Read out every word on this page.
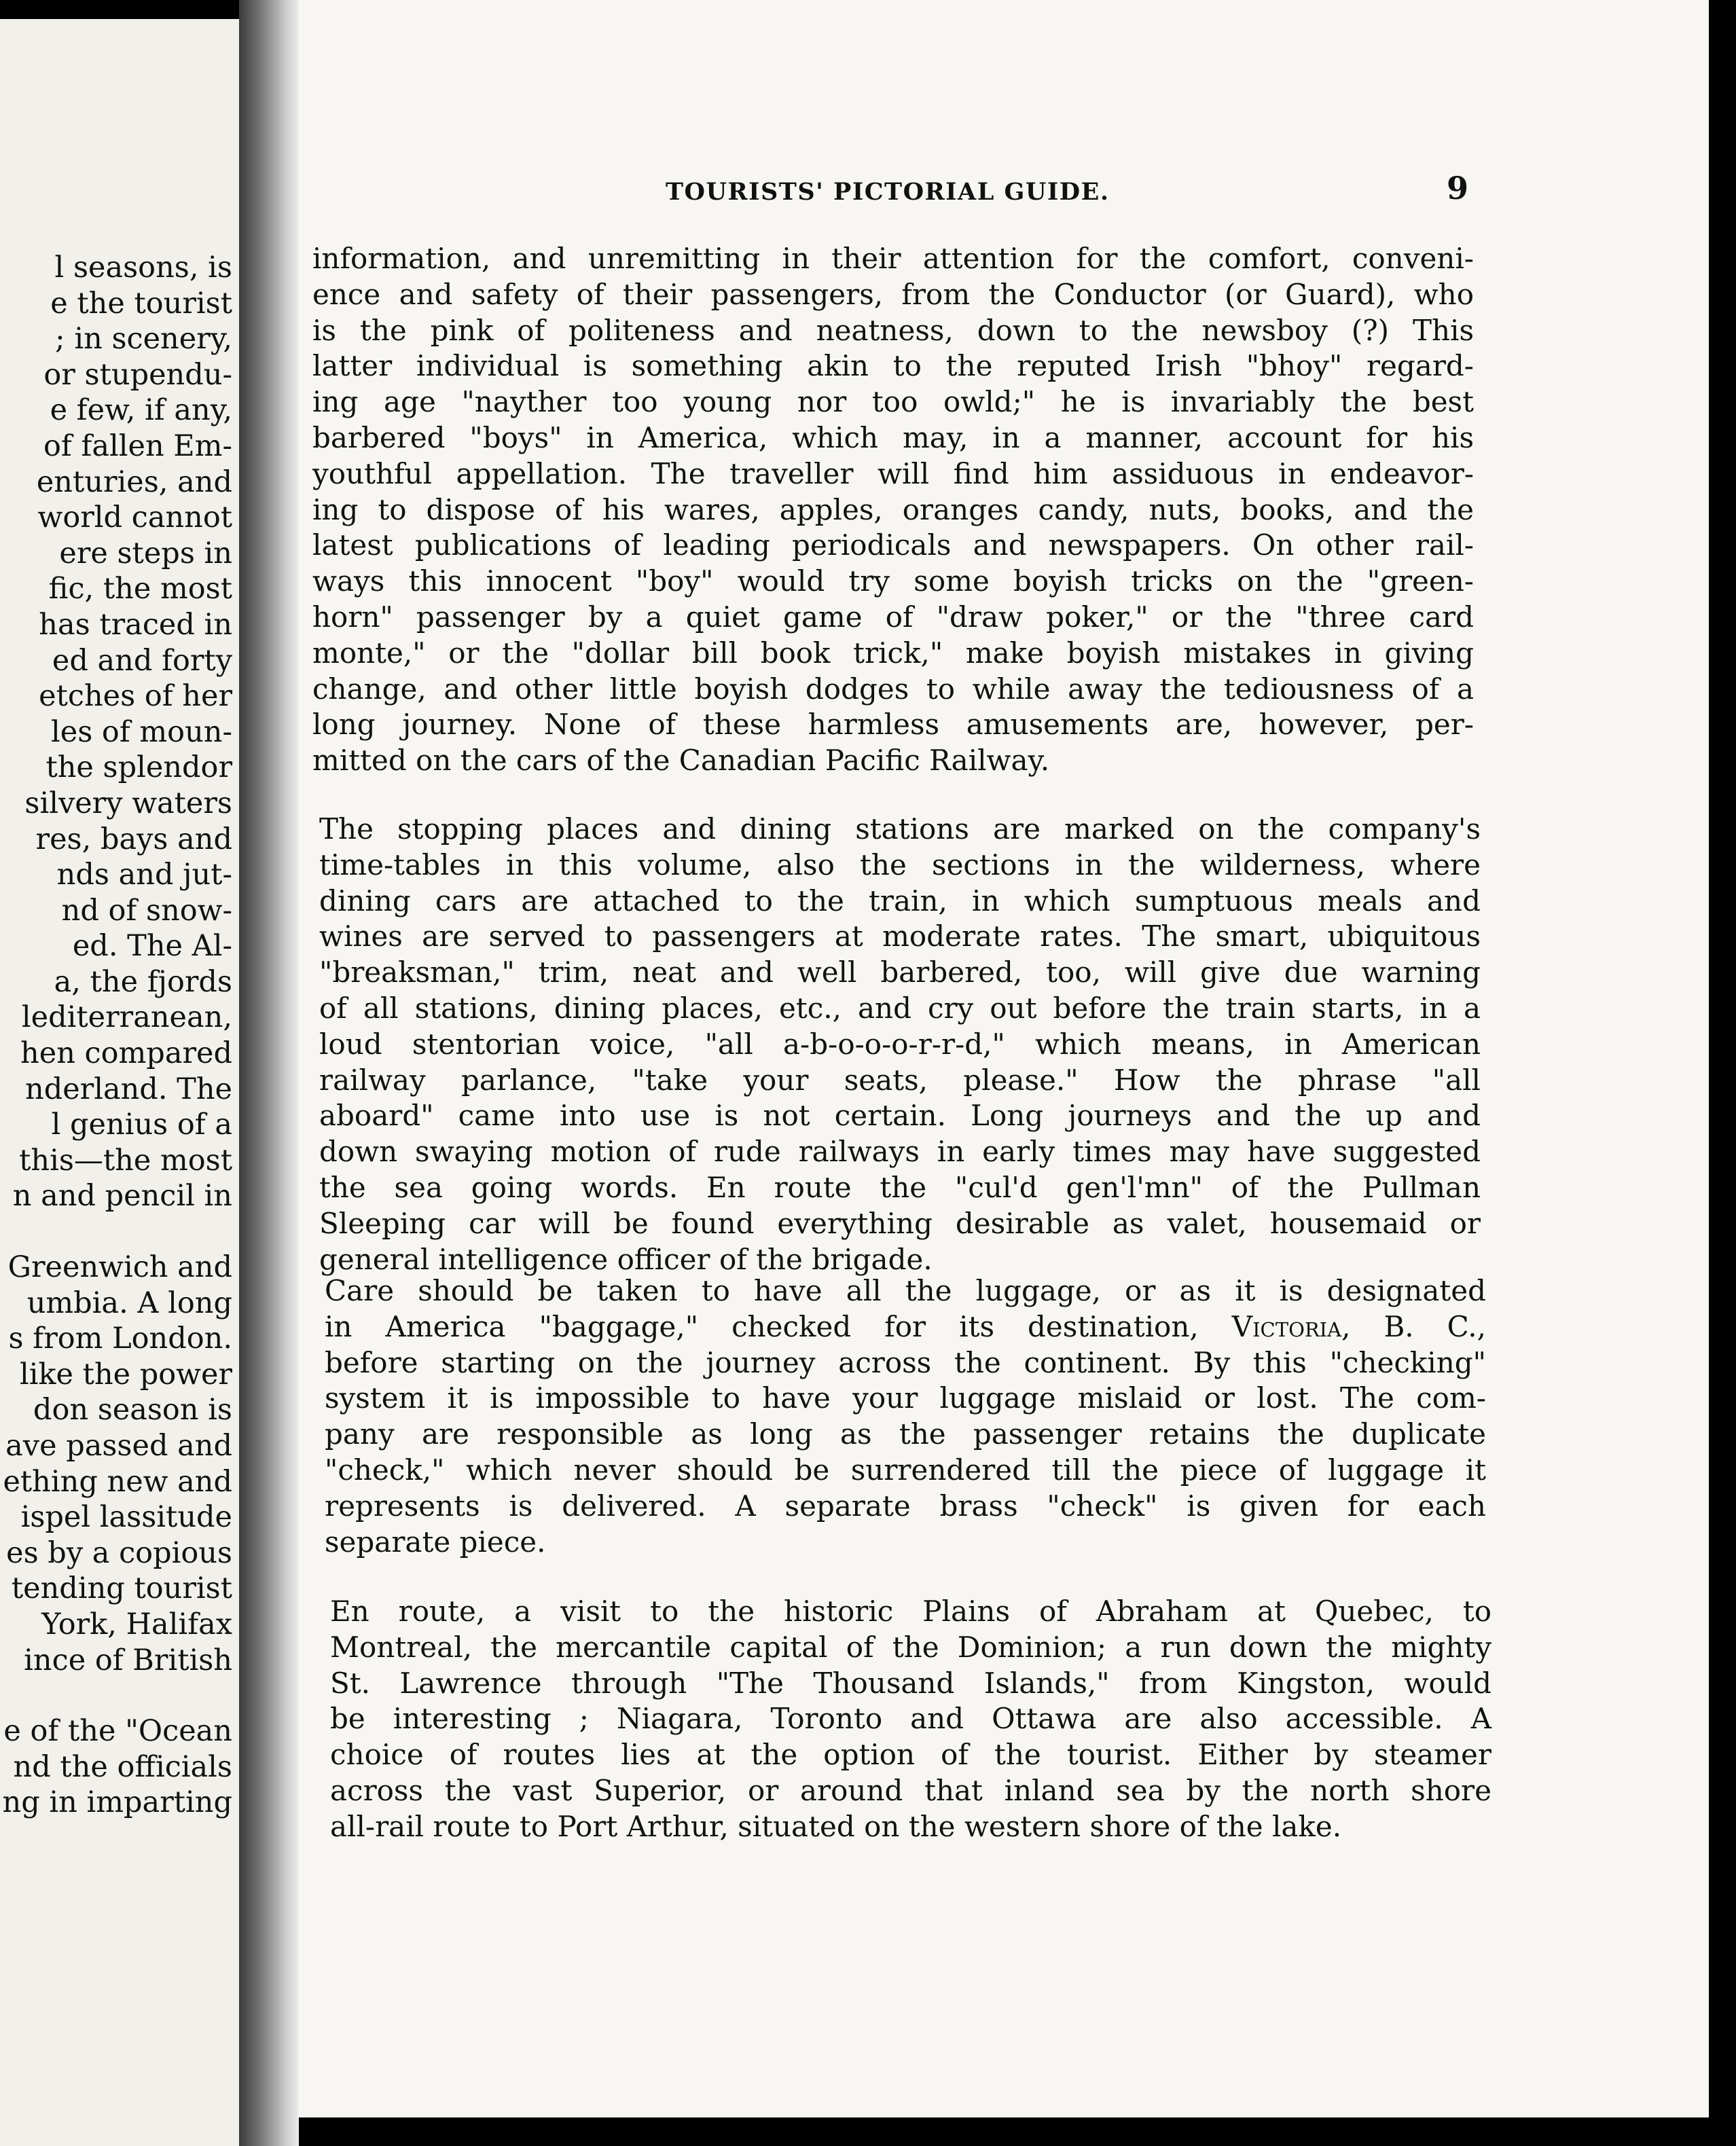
l seasons, is
e the tourist
; in scenery,
or stupendu-
e few, if any,
of fallen Em-
enturies, and
world cannot
ere steps in
fic, the most
has traced in
ed and forty
etches of her
les of moun-
the splendor
silvery waters
res, bays and
nds and jut-
nd of snow-
ed. The Al-
a, the fjords
lediterranean,
hen compared
nderland. The
l genius of a
this—the most
n and pencil in
Greenwich and
umbia. A long
s from London.
like the power
don season is
ave passed and
ething new and
ispel lassitude
es by a copious
tending tourist
York, Halifax
ince of British
e of the "Ocean
nd the officials
ng in imparting
TOURISTS' PICTORIAL GUIDE.	9

information, and unremitting in their attention for the comfort, conveni-
ence and safety of their passengers, from the Conductor (or Guard), who
is the pink of politeness and neatness, down to the newsboy (?) This
latter individual is something akin to the reputed Irish "bhoy" regard-
ing age "nayther too young nor too owld;" he is invariably the best
barbered "boys" in America, which may, in a manner, account for his
youthful appellation. The traveller will find him assiduous in endeavor-
ing to dispose of his wares, apples, oranges candy, nuts, books, and the
latest publications of leading periodicals and newspapers. On other rail-
ways this innocent "boy" would try some boyish tricks on the "green-
horn" passenger by a quiet game of "draw poker," or the "three card
monte," or the "dollar bill book trick," make boyish mistakes in giving
change, and other little boyish dodges to while away the tediousness of a
long journey. None of these harmless amusements are, however, per-
mitted on the cars of the Canadian Pacific Railway.

The stopping places and dining stations are marked on the company's
time-tables in this volume, also the sections in the wilderness, where
dining cars are attached to the train, in which sumptuous meals and
wines are served to passengers at moderate rates. The smart, ubiquitous
"breaksman," trim, neat and well barbered, too, will give due warning
of all stations, dining places, etc., and cry out before the train starts, in a
loud stentorian voice, "all a-b-o-o-o-r-r-d," which means, in American
railway parlance, "take your seats, please." How the phrase "all
aboard" came into use is not certain. Long journeys and the up and
down swaying motion of rude railways in early times may have suggested
the sea going words. En route the "cul'd gen'l'mn" of the Pullman
Sleeping car will be found everything desirable as valet, housemaid or
general intelligence officer of the brigade.

Care should be taken to have all the luggage, or as it is designated
in America "baggage," checked for its destination, Victoria, B. C.,
before starting on the journey across the continent. By this "checking"
system it is impossible to have your luggage mislaid or lost. The com-
pany are responsible as long as the passenger retains the duplicate
"check," which never should be surrendered till the piece of luggage it
represents is delivered. A separate brass "check" is given for each
separate piece.

En route, a visit to the historic Plains of Abraham at Quebec, to
Montreal, the mercantile capital of the Dominion; a run down the mighty
St. Lawrence through "The Thousand Islands," from Kingston, would
be interesting ; Niagara, Toronto and Ottawa are also accessible. A
choice of routes lies at the option of the tourist. Either by steamer
across the vast Superior, or around that inland sea by the north shore
all-rail route to Port Arthur, situated on the western shore of the lake.
